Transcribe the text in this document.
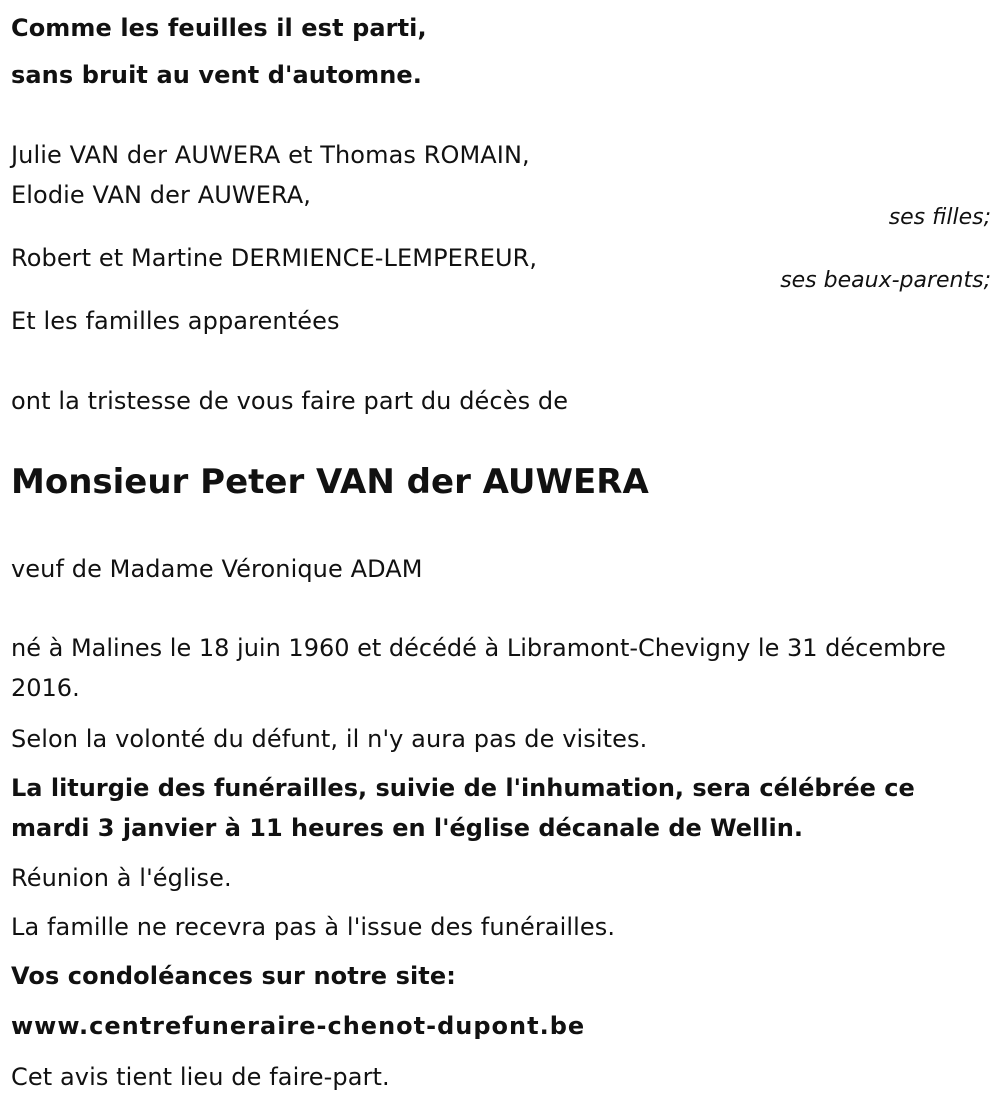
Comme les feuilles il est parti,
sans bruit au vent d'automne.
Julie VAN der AUWERA et Thomas ROMAIN,
Elodie VAN der AUWERA,
ses filles;
Robert et Martine DERMIENCE-LEMPEREUR,
ses beaux-parents;
Et les familles apparentées
ont la tristesse de vous faire part du décès de
Monsieur Peter VAN der AUWERA
veuf de Madame Véronique ADAM
né à Malines le 18 juin 1960 et décédé à Libramont-Chevigny le 31 décembre 2016.
Selon la volonté du défunt, il n'y aura pas de visites.
La liturgie des funérailles, suivie de l'inhumation, sera célébrée ce mardi 3 janvier à 11 heures en l'église décanale de Wellin.
Réunion à l'église.
La famille ne recevra pas à l'issue des funérailles.
Vos condoléances sur notre site:
www.centrefuneraire-chenot-dupont.be
Cet avis tient lieu de faire-part.
